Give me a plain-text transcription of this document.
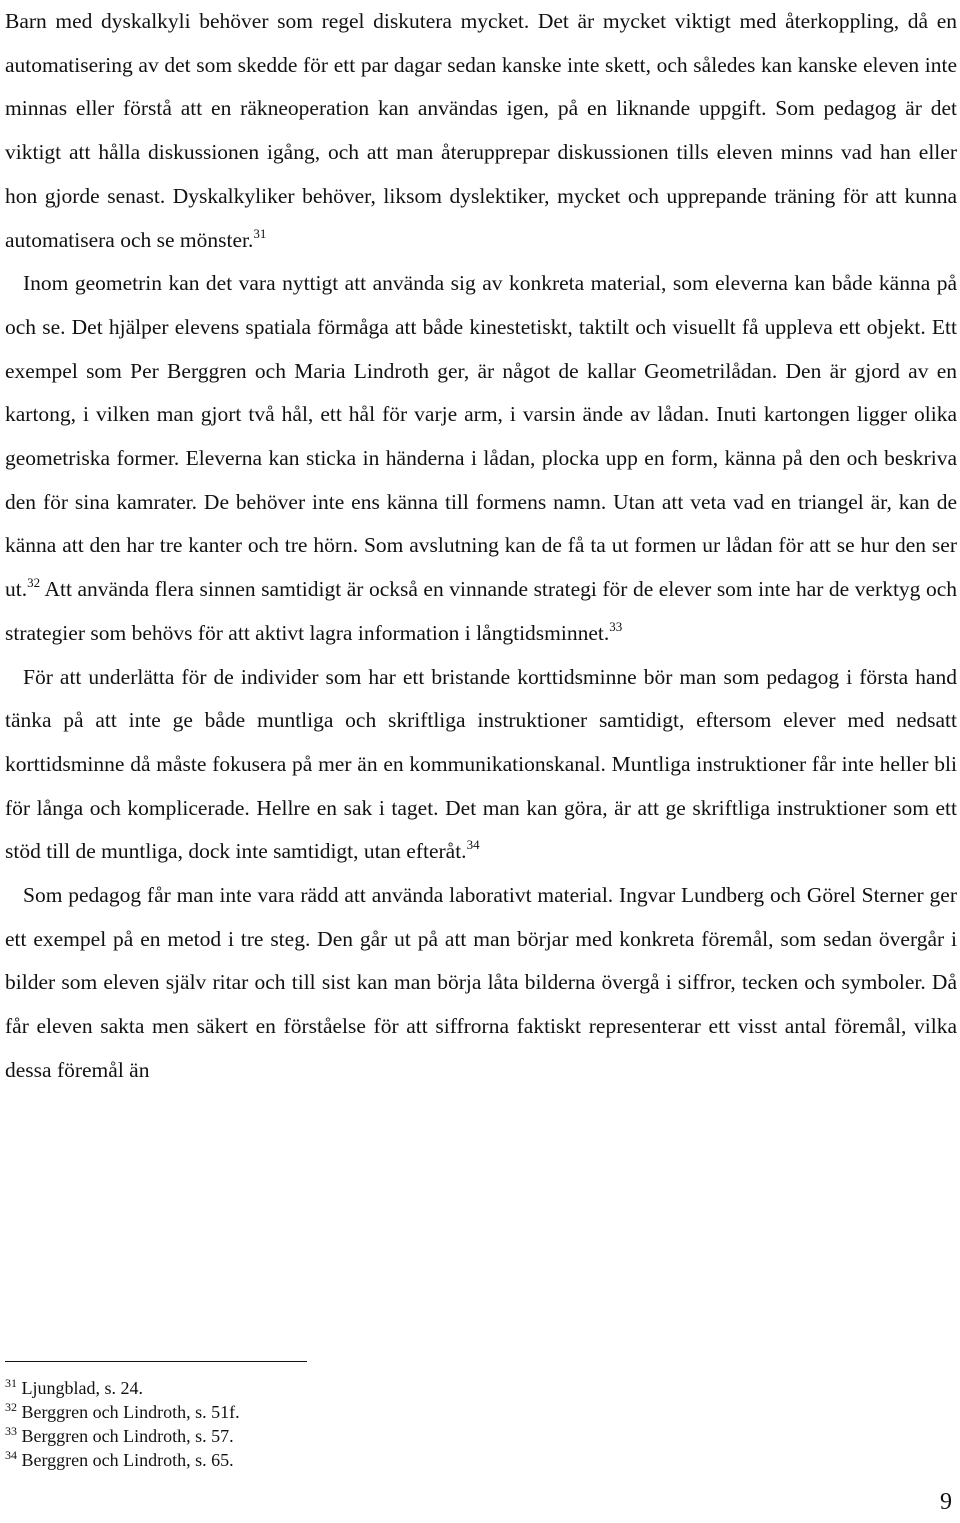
Barn med dyskalkyli behöver som regel diskutera mycket. Det är mycket viktigt med återkoppling, då en automatisering av det som skedde för ett par dagar sedan kanske inte skett, och således kan kanske eleven inte minnas eller förstå att en räkneoperation kan användas igen, på en liknande uppgift. Som pedagog är det viktigt att hålla diskussionen igång, och att man återupprepar diskussionen tills eleven minns vad han eller hon gjorde senast. Dyskalkyliker behöver, liksom dyslektiker, mycket och upprepande träning för att kunna automatisera och se mönster.$^{31}$

Inom geometrin kan det vara nyttigt att använda sig av konkreta material, som eleverna kan både känna på och se. Det hjälper elevens spatiala förmåga att både kinestetiskt, taktilt och visuellt få uppleva ett objekt. Ett exempel som Per Berggren och Maria Lindroth ger, är något de kallar Geometrilådan. Den är gjord av en kartong, i vilken man gjort två hål, ett hål för varje arm, i varsin ände av lådan. Inuti kartongen ligger olika geometriska former. Eleverna kan sticka in händerna i lådan, plocka upp en form, känna på den och beskriva den för sina kamrater. De behöver inte ens känna till formens namn. Utan att veta vad en triangel är, kan de känna att den har tre kanter och tre hörn. Som avslutning kan de få ta ut formen ur lådan för att se hur den ser ut.$^{32}$ Att använda flera sinnen samtidigt är också en vinnande strategi för de elever som inte har de verktyg och strategier som behövs för att aktivt lagra information i långtidsminnet.$^{33}$

För att underlätta för de individer som har ett bristande korttidsminne bör man som pedagog i första hand tänka på att inte ge både muntliga och skriftliga instruktioner samtidigt, eftersom elever med nedsatt korttidsminne då måste fokusera på mer än en kommunikationskanal. Muntliga instruktioner får inte heller bli för långa och komplicerade. Hellre en sak i taget. Det man kan göra, är att ge skriftliga instruktioner som ett stöd till de muntliga, dock inte samtidigt, utan efteråt.$^{34}$

Som pedagog får man inte vara rädd att använda laborativt material. Ingvar Lundberg och Görel Sterner ger ett exempel på en metod i tre steg. Den går ut på att man börjar med konkreta föremål, som sedan övergår i bilder som eleven själv ritar och till sist kan man börja låta bilderna övergå i siffror, tecken och symboler. Då får eleven sakta men säkert en förståelse för att siffrorna faktiskt representerar ett visst antal föremål, vilka dessa föremål än

$^{31}$ Ljungblad, s. 24.

$^{32}$ Berggren och Lindroth, s. 51f.

$^{33}$ Berggren och Lindroth, s. 57.

$^{34}$ Berggren och Lindroth, s. 65.

9
